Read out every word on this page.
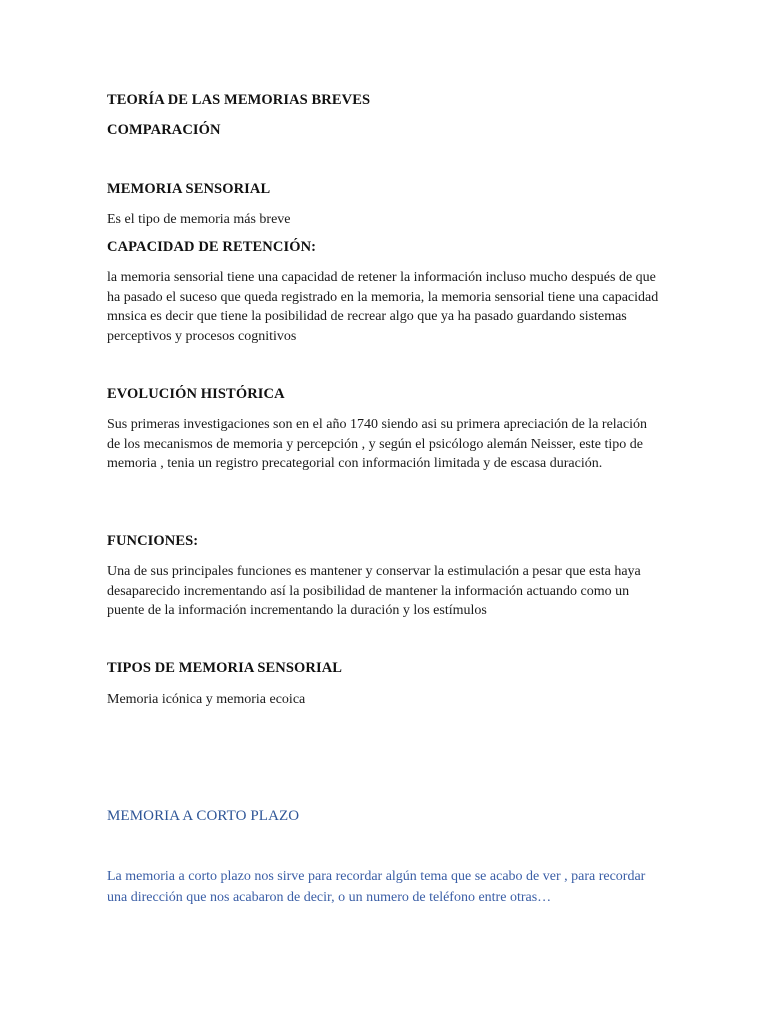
TEORÍA DE LAS MEMORIAS BREVES
COMPARACIÓN
MEMORIA SENSORIAL
Es el tipo de memoria más breve
CAPACIDAD DE RETENCIÓN:
la memoria sensorial tiene una capacidad de retener la información incluso mucho después de que ha pasado el suceso que queda registrado en la memoria, la memoria sensorial tiene una capacidad mnsica es decir que tiene la posibilidad de recrear algo que ya ha pasado guardando sistemas perceptivos y procesos cognitivos
EVOLUCIÓN HISTÓRICA
Sus primeras investigaciones son en el año 1740 siendo asi su primera apreciación de la relación de los mecanismos de memoria y percepción , y según el psicólogo alemán Neisser, este tipo de memoria , tenia un registro precategorial con información limitada y de escasa duración.
FUNCIONES:
Una de sus principales funciones es mantener y conservar la estimulación a pesar que esta haya desaparecido incrementando así la posibilidad de mantener la información actuando como un puente de la información incrementando la duración y los estímulos
TIPOS DE MEMORIA SENSORIAL
Memoria icónica y memoria ecoica
MEMORIA A CORTO PLAZO
La memoria a corto plazo nos sirve para recordar algún tema que se acabo de ver , para recordar una dirección que nos acabaron de decir, o un numero de teléfono entre otras…
